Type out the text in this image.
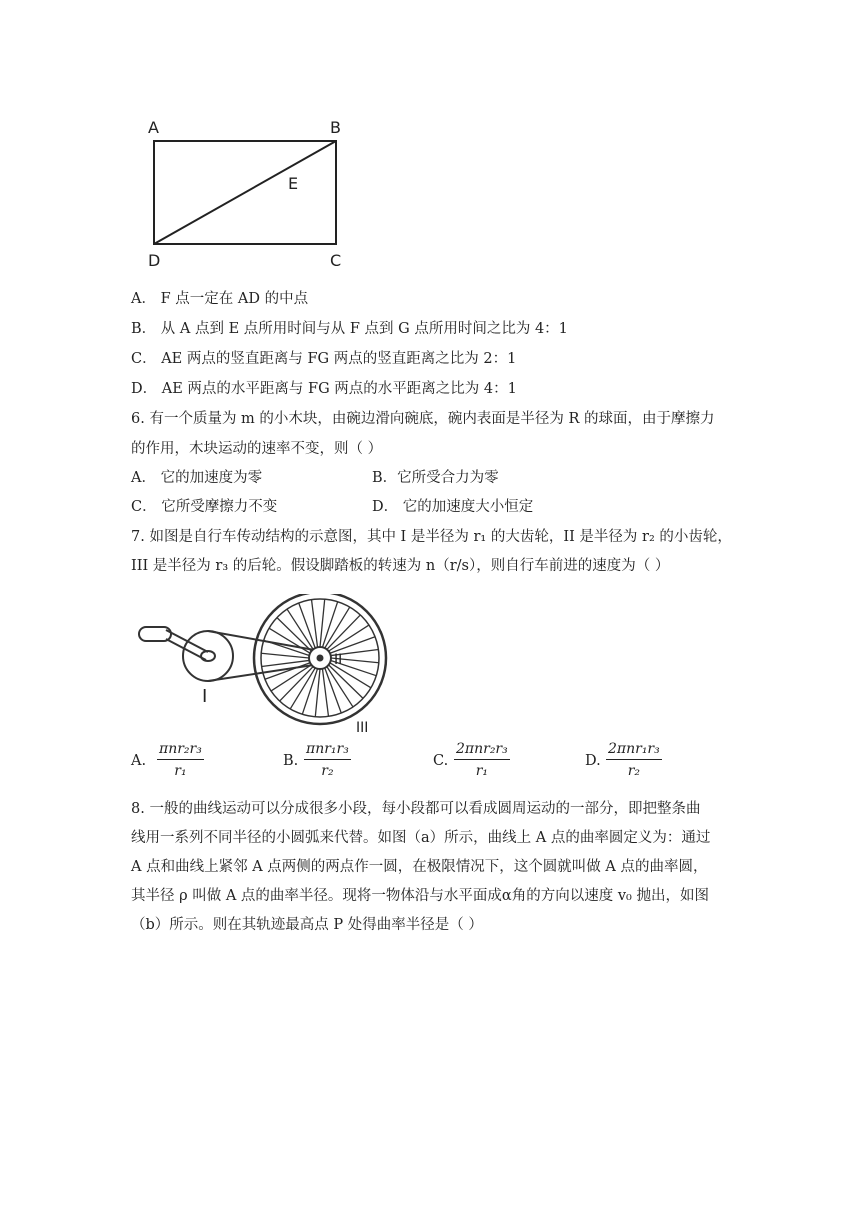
A	B
C
D
E
A． F 点一定在 AD 的中点
B． 从 A 点到 E 点所用时间与从 F 点到 G 点所用时间之比为 4：1
C． AE 两点的竖直距离与 FG 两点的竖直距离之比为 2：1
D． AE 两点的水平距离与 FG 两点的水平距离之比为 4：1
6. 有一个质量为 m 的小木块，由碗边滑向碗底，碗内表面是半径为 R 的球面，由于摩擦力
的作用，木块运动的速率不变，则（ ）
A． 它的加速度为零	B．它所受合力为零
C． 它所受摩擦力不变	D． 它的加速度大小恒定
7. 如图是自行车传动结构的示意图，其中 I 是半径为 r₁ 的大齿轮，II 是半径为 r₂ 的小齿轮，
III 是半径为 r₃ 的后轮。假设脚踏板的转速为 n（r/s），则自行车前进的速度为（ ）
I
II
III
A.
πnr₂r₃
r₁
B.
πnr₁r₃
r₂
C.
2πnr₂r₃
r₁
D.
2πnr₁r₃
r₂
8. 一般的曲线运动可以分成很多小段，每小段都可以看成圆周运动的一部分，即把整条曲
线用一系列不同半径的小圆弧来代替。如图（a）所示，曲线上 A 点的曲率圆定义为：通过
A 点和曲线上紧邻 A 点两侧的两点作一圆，在极限情况下，这个圆就叫做 A 点的曲率圆，
其半径 ρ 叫做 A 点的曲率半径。现将一物体沿与水平面成α角的方向以速度 v₀ 抛出，如图
（b）所示。则在其轨迹最高点 P 处得曲率半径是（ ）
